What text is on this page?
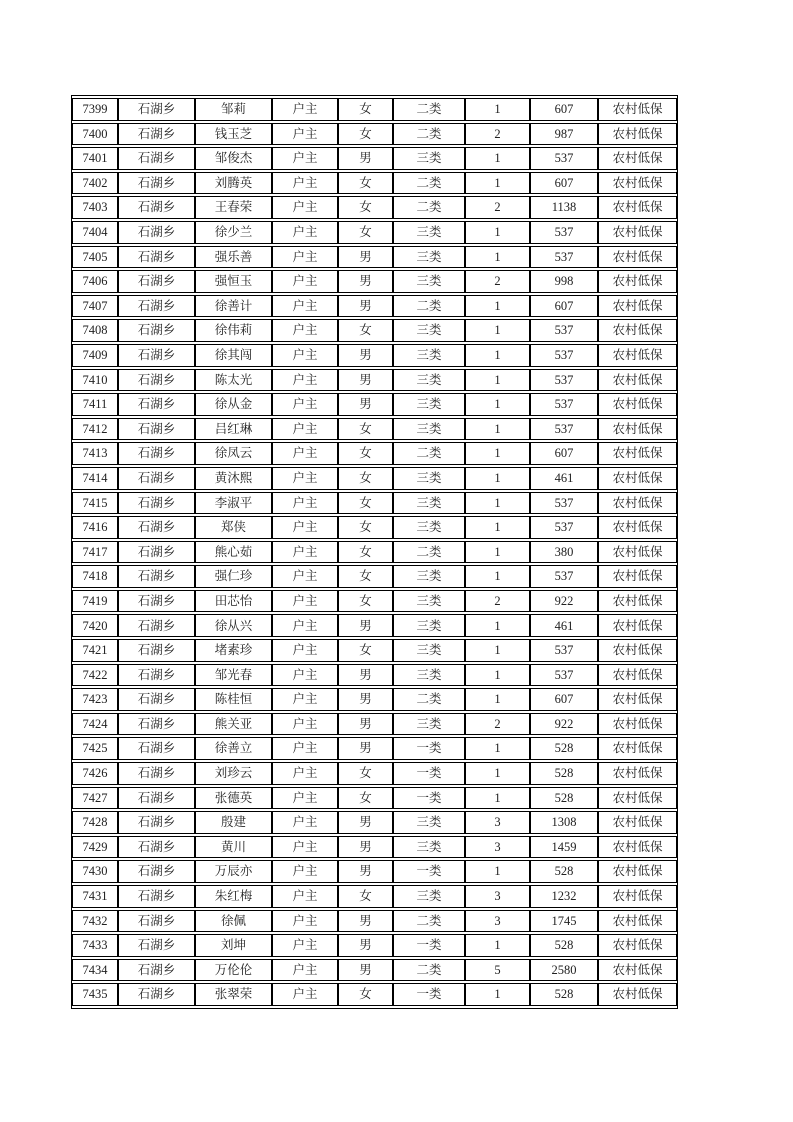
7399	石湖乡	邹莉	户主	女	二类	1	607	农村低保
7400	石湖乡	钱玉芝	户主	女	二类	2	987	农村低保
7401	石湖乡	邹俊杰	户主	男	三类	1	537	农村低保
7402	石湖乡	刘腾英	户主	女	二类	1	607	农村低保
7403	石湖乡	王春荣	户主	女	二类	2	1138	农村低保
7404	石湖乡	徐少兰	户主	女	三类	1	537	农村低保
7405	石湖乡	强乐善	户主	男	三类	1	537	农村低保
7406	石湖乡	强恒玉	户主	男	三类	2	998	农村低保
7407	石湖乡	徐善计	户主	男	二类	1	607	农村低保
7408	石湖乡	徐伟莉	户主	女	三类	1	537	农村低保
7409	石湖乡	徐其闯	户主	男	三类	1	537	农村低保
7410	石湖乡	陈太光	户主	男	三类	1	537	农村低保
7411	石湖乡	徐从金	户主	男	三类	1	537	农村低保
7412	石湖乡	吕红琳	户主	女	三类	1	537	农村低保
7413	石湖乡	徐凤云	户主	女	二类	1	607	农村低保
7414	石湖乡	黄沐熙	户主	女	三类	1	461	农村低保
7415	石湖乡	李淑平	户主	女	三类	1	537	农村低保
7416	石湖乡	郑侠	户主	女	三类	1	537	农村低保
7417	石湖乡	熊心茹	户主	女	二类	1	380	农村低保
7418	石湖乡	强仁珍	户主	女	三类	1	537	农村低保
7419	石湖乡	田芯怡	户主	女	三类	2	922	农村低保
7420	石湖乡	徐从兴	户主	男	三类	1	461	农村低保
7421	石湖乡	堵素珍	户主	女	三类	1	537	农村低保
7422	石湖乡	邹光春	户主	男	三类	1	537	农村低保
7423	石湖乡	陈桂恒	户主	男	二类	1	607	农村低保
7424	石湖乡	熊关亚	户主	男	三类	2	922	农村低保
7425	石湖乡	徐善立	户主	男	一类	1	528	农村低保
7426	石湖乡	刘珍云	户主	女	一类	1	528	农村低保
7427	石湖乡	张德英	户主	女	一类	1	528	农村低保
7428	石湖乡	殷建	户主	男	三类	3	1308	农村低保
7429	石湖乡	黄川	户主	男	三类	3	1459	农村低保
7430	石湖乡	万辰亦	户主	男	一类	1	528	农村低保
7431	石湖乡	朱红梅	户主	女	三类	3	1232	农村低保
7432	石湖乡	徐佩	户主	男	二类	3	1745	农村低保
7433	石湖乡	刘坤	户主	男	一类	1	528	农村低保
7434	石湖乡	万伦伦	户主	男	二类	5	2580	农村低保
7435	石湖乡	张翠荣	户主	女	一类	1	528	农村低保
